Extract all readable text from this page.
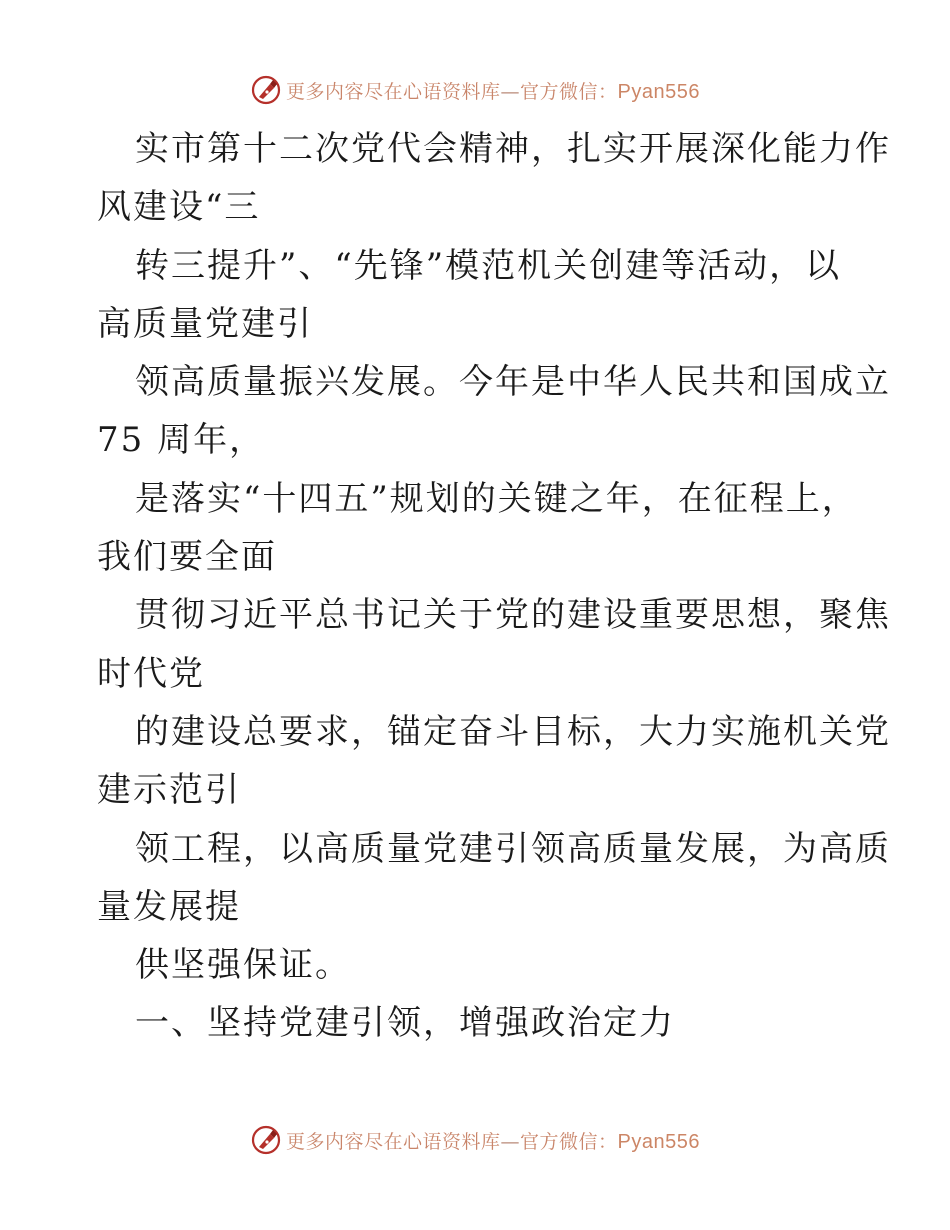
更多内容尽在心语资料库—官方微信：Pyan556
实市第十二次党代会精神，扎实开展深化能力作
风建设“三
转三提升”、“先锋”模范机关创建等活动，以
高质量党建引
领高质量振兴发展。今年是中华人民共和国成立
75 周年，
是落实“十四五”规划的关键之年，在征程上，
我们要全面
贯彻习近平总书记关于党的建设重要思想，聚焦
时代党
的建设总要求，锚定奋斗目标，大力实施机关党
建示范引
领工程，以高质量党建引领高质量发展，为高质
量发展提
供坚强保证。
一、坚持党建引领，增强政治定力
更多内容尽在心语资料库—官方微信：Pyan556
